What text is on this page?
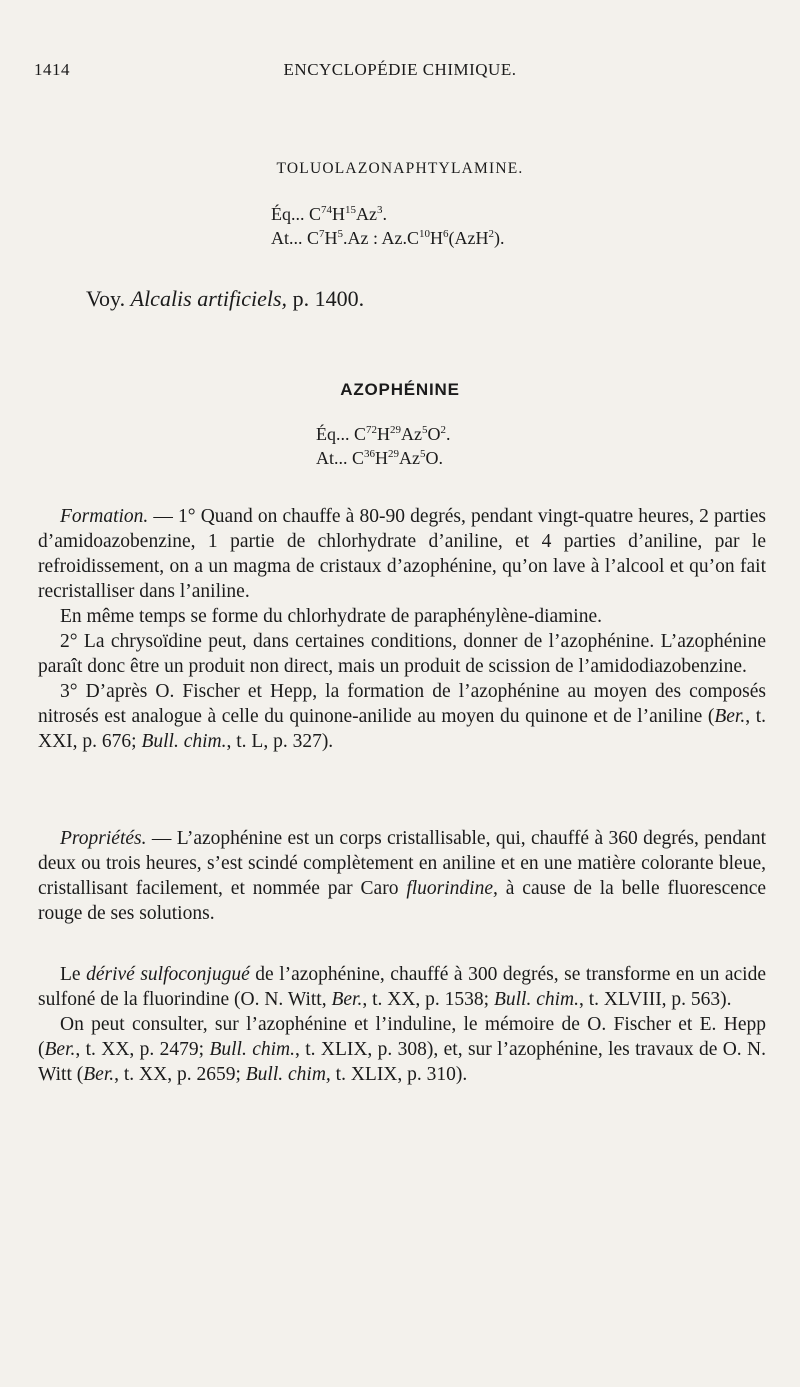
1414	ENCYCLOPÉDIE CHIMIQUE.
TOLUOLAZONAPHTYLAMINE.
Éq... $C^{74}H^{15}Az^3$.
At... $C^7H^5.Az$ : $Az.C^{10}H^6(AzH^2)$.
Voy. Alcalis artificiels, p. 1400.
AZOPHÉNINE
Éq... $C^{72}H^{29}Az^5O^2$.
At... $C^{36}H^{29}Az^5O$.

Formation. — 1° Quand on chauffe à 80-90 degrés, pendant vingt-quatre heures, 2 parties d’amidoazobenzine, 1 partie de chlorhydrate d’aniline, et 4 parties d’aniline, par le refroidissement, on a un magma de cristaux d’azophénine, qu’on lave à l’alcool et qu’on fait recristalliser dans l’aniline.

En même temps se forme du chlorhydrate de paraphénylène-diamine.

2° La chrysoïdine peut, dans certaines conditions, donner de l’azophénine. L’azophénine paraît donc être un produit non direct, mais un produit de scission de l’amidodiazobenzine.

3° D’après O. Fischer et Hepp, la formation de l’azophénine au moyen des composés nitrosés est analogue à celle du quinone-anilide au moyen du quinone et de l’aniline (Ber., t. XXI, p. 676; Bull. chim., t. L, p. 327).

Propriétés. — L’azophénine est un corps cristallisable, qui, chauffé à 360 degrés, pendant deux ou trois heures, s’est scindé complètement en aniline et en une matière colorante bleue, cristallisant facilement, et nommée par Caro fluorindine, à cause de la belle fluorescence rouge de ses solutions.

Le dérivé sulfoconjugué de l’azophénine, chauffé à 300 degrés, se transforme en un acide sulfoné de la fluorindine (O. N. Witt, Ber., t. XX, p. 1538; Bull. chim., t. XLVIII, p. 563).

On peut consulter, sur l’azophénine et l’induline, le mémoire de O. Fischer et E. Hepp (Ber., t. XX, p. 2479; Bull. chim., t. XLIX, p. 308), et, sur l’azophénine, les travaux de O. N. Witt (Ber., t. XX, p. 2659; Bull. chim, t. XLIX, p. 310).
